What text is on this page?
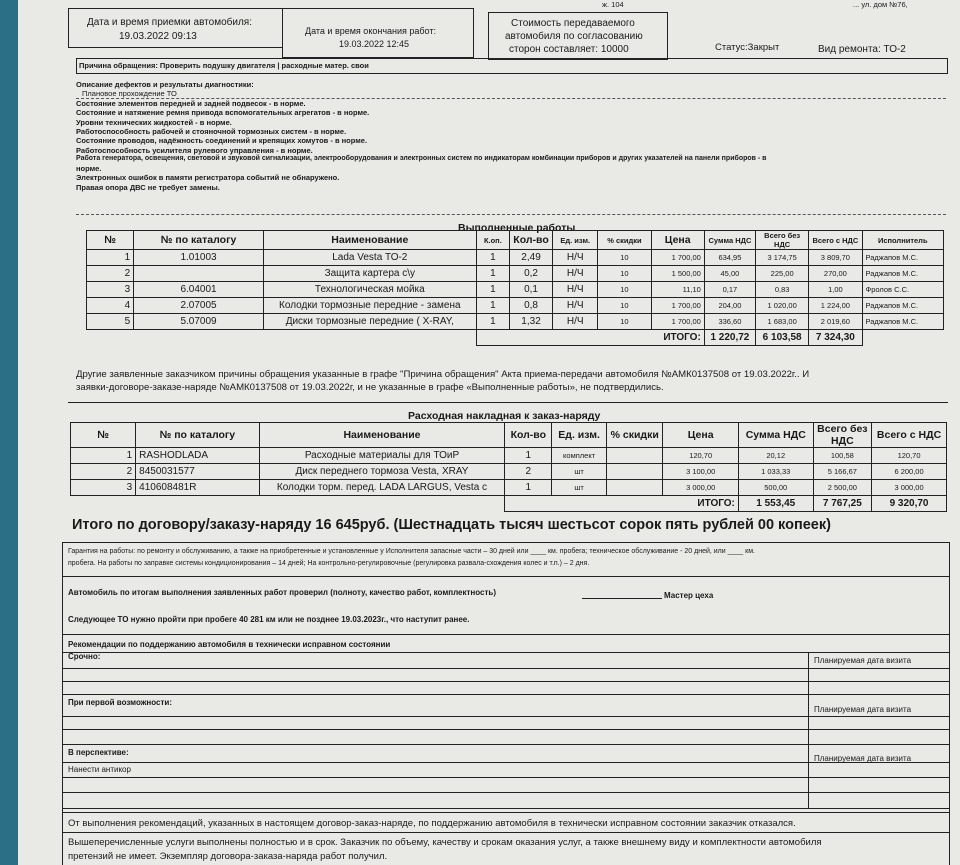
ж. 104	... ул. дом №76,
Дата и время приемки автомобиля:
19.03.2022 09:13	Дата и время окончания работ:
19.03.2022 12:45
Стоимость передаваемого
автомобиля по согласованию
сторон составляет: 10000	Статус:Закрыт	Вид ремонта: ТО-2
Причина обращения: Проверить подушку двигателя | расходные матер. свои
Описание дефектов и результаты диагностики:
Плановое прохождение ТО
Состояние элементов передней и задней подвесок - в норме.
Состояние и натяжение ремня привода вспомогательных агрегатов - в норме.
Уровни технических жидкостей - в норме.
Работоспособность рабочей и стояночной тормозных систем - в норме.
Состояние проводов, надёжность соединений и крепящих хомутов - в норме.
Работоспособность усилителя рулевого управления - в норме.
Работа генератора, освещения, световой и звуковой сигнализации, электрооборудования и электронных систем по индикаторам комбинации приборов и других указателей на панели приборов - в
норме.
Электронных ошибок в памяти регистратора событий не обнаружено.
Правая опора ДВС не требует замены.
Выполненные работы
№	№ по каталогу	Наименование	К.оп.	Кол-во	Ед. изм.	% скидки	Цена	Сумма НДС	Всего без НДС	Всего с НДС	Исполнитель
1	1.01003	Lada Vesta ТО-2	1	2,49	Н/Ч	10	1 700,00	634,95	3 174,75	3 809,70	Раджапов М.С.
2		Защита картера с\у	1	0,2	Н/Ч	10	1 500,00	45,00	225,00	270,00	Раджапов М.С.
3	6.04001	Технологическая мойка	1	0,1	Н/Ч	10	11,10	0,17	0,83	1,00	Фролов С.С.
4	2.07005	Колодки тормозные передние - замена	1	0,8	Н/Ч	10	1 700,00	204,00	1 020,00	1 224,00	Раджапов М.С.
5	5.07009	Диски тормозные передние ( X-RAY,	1	1,32	Н/Ч	10	1 700,00	336,60	1 683,00	2 019,60	Раджапов М.С.
			ИТОГО:					1 220,72	6 103,58	7 324,30	
Другие заявленные заказчиком причины обращения указанные в графе "Причина обращения" Акта приема-передачи автомобиля №АМК0137508 от 19.03.2022г.. И
заявки-договоре-заказе-наряде №АМК0137508 от 19.03.2022г, и не указанные в графе «Выполненные работы», не подтвердились.
Расходная накладная к заказ-наряду
№	№ по каталогу	Наименование	Кол-во	Ед. изм.	% скидки	Цена	Сумма НДС	Всего без НДС	Всего с НДС
1	RASHODLADA	Расходные материалы для ТОиР	1	комплект		120,70	20,12	100,58	120,70
2	8450031577	Диск переднего тормоза Vesta, XRAY	2	шт		3 100,00	1 033,33	5 166,67	6 200,00
3	410608481R	Колодки торм. перед. LADA LARGUS, Vesta с	1	шт		3 000,00	500,00	2 500,00	3 000,00
			ИТОГО:				1 553,45	7 767,25	9 320,70
Итого по договору/заказу-наряду 16 645руб. (Шестнадцать тысяч шестьсот сорок пять рублей 00 копеек)
Гарантия на работы: по ремонту и обслуживанию, а также на приобретенные и установленные у Исполнителя запасные части – 30 дней или ____ км. пробега; техническое обслуживание - 20 дней, или ____ км.
пробега. На работы по заправке системы кондиционирования – 14 дней; На контрольно-регулировочные (регулировка развала-схождения колес и т.п.) – 2 дня.
Автомобиль по итогам выполнения заявленных работ проверил (полноту, качество работ, комплектность)	Мастер цеха
Следующее ТО нужно пройти при пробеге 40 281 км или не позднее 19.03.2023г., что наступит ранее.
Рекомендации по поддержанию автомобиля в технически исправном состоянии
Срочно:	Планируемая дата визита
При первой возможности:
Планируемая дата визита
В перспективе:
Планируемая дата визита
Нанести антикор
От выполнения рекомендаций, указанных в настоящем договор-заказ-наряде, по поддержанию автомобиля в технически исправном состоянии заказчик отказался.
Вышеперечисленные услуги выполнены полностью и в срок. Заказчик по объему, качеству и срокам оказания услуг, а также внешнему виду и комплектности автомобиля
претензий не имеет. Экземпляр договора-заказа-наряда работ получил.
